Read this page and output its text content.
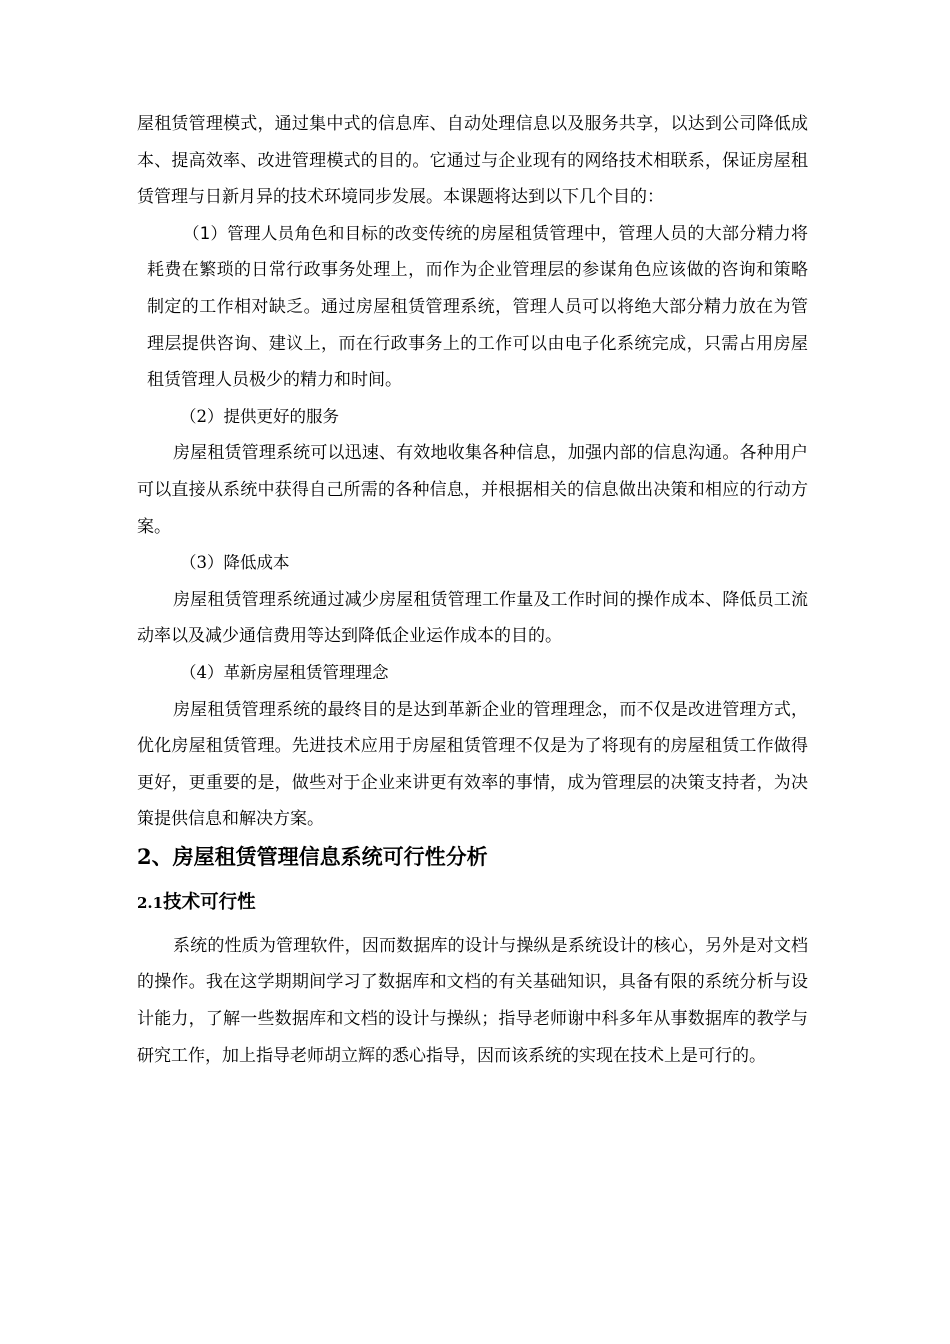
屋租赁管理模式，通过集中式的信息库、自动处理信息以及服务共享，以达到公司降低成本、提高效率、改进管理模式的目的。它通过与企业现有的网络技术相联系，保证房屋租赁管理与日新月异的技术环境同步发展。本课题将达到以下几个目的：

（1）管理人员角色和目标的改变传统的房屋租赁管理中，管理人员的大部分精力将耗费在繁琐的日常行政事务处理上，而作为企业管理层的参谋角色应该做的咨询和策略制定的工作相对缺乏。通过房屋租赁管理系统，管理人员可以将绝大部分精力放在为管理层提供咨询、建议上，而在行政事务上的工作可以由电子化系统完成，只需占用房屋租赁管理人员极少的精力和时间。

（2）提供更好的服务

房屋租赁管理系统可以迅速、有效地收集各种信息，加强内部的信息沟通。各种用户可以直接从系统中获得自己所需的各种信息，并根据相关的信息做出决策和相应的行动方案。

（3）降低成本

房屋租赁管理系统通过减少房屋租赁管理工作量及工作时间的操作成本、降低员工流动率以及减少通信费用等达到降低企业运作成本的目的。

（4）革新房屋租赁管理理念

房屋租赁管理系统的最终目的是达到革新企业的管理理念，而不仅是改进管理方式，优化房屋租赁管理。先进技术应用于房屋租赁管理不仅是为了将现有的房屋租赁工作做得更好，更重要的是，做些对于企业来讲更有效率的事情，成为管理层的决策支持者，为决策提供信息和解决方案。

2、房屋租赁管理信息系统可行性分析
2.1技术可行性

系统的性质为管理软件，因而数据库的设计与操纵是系统设计的核心，另外是对文档的操作。我在这学期期间学习了数据库和文档的有关基础知识，具备有限的系统分析与设计能力，了解一些数据库和文档的设计与操纵；指导老师谢中科多年从事数据库的教学与研究工作，加上指导老师胡立辉的悉心指导，因而该系统的实现在技术上是可行的。
